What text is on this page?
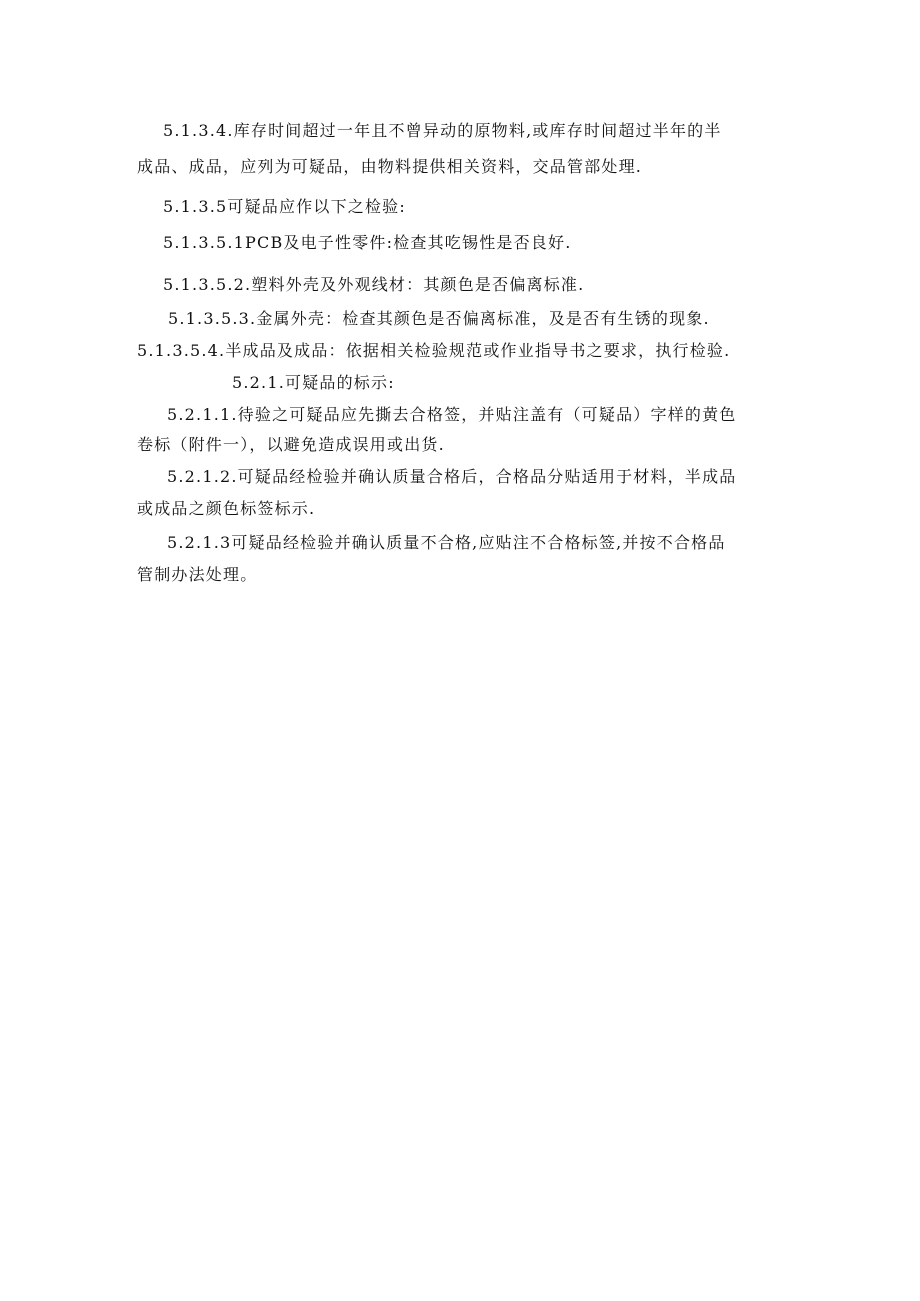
5.1.3.4.库存时间超过一年且不曾异动的原物料,或库存时间超过半年的半
成品、成品，应列为可疑品，由物料提供相关资料，交品管部处理.
5.1.3.5可疑品应作以下之检验:
5.1.3.5.1PCB及电子性零件:检查其吃锡性是否良好.
5.1.3.5.2.塑料外壳及外观线材：其颜色是否偏离标准.
5.1.3.5.3.金属外壳：检查其颜色是否偏离标准，及是否有生锈的现象.
5.1.3.5.4.半成品及成品：依据相关检验规范或作业指导书之要求，执行检验.
5.2.1.可疑品的标示:
5.2.1.1.待验之可疑品应先撕去合格签，并贴注盖有（可疑品）字样的黄色
卷标（附件一），以避免造成误用或出货.
5.2.1.2.可疑品经检验并确认质量合格后，合格品分贴适用于材料，半成品
或成品之颜色标签标示.
5.2.1.3可疑品经检验并确认质量不合格,应贴注不合格标签,并按不合格品
管制办法处理。
